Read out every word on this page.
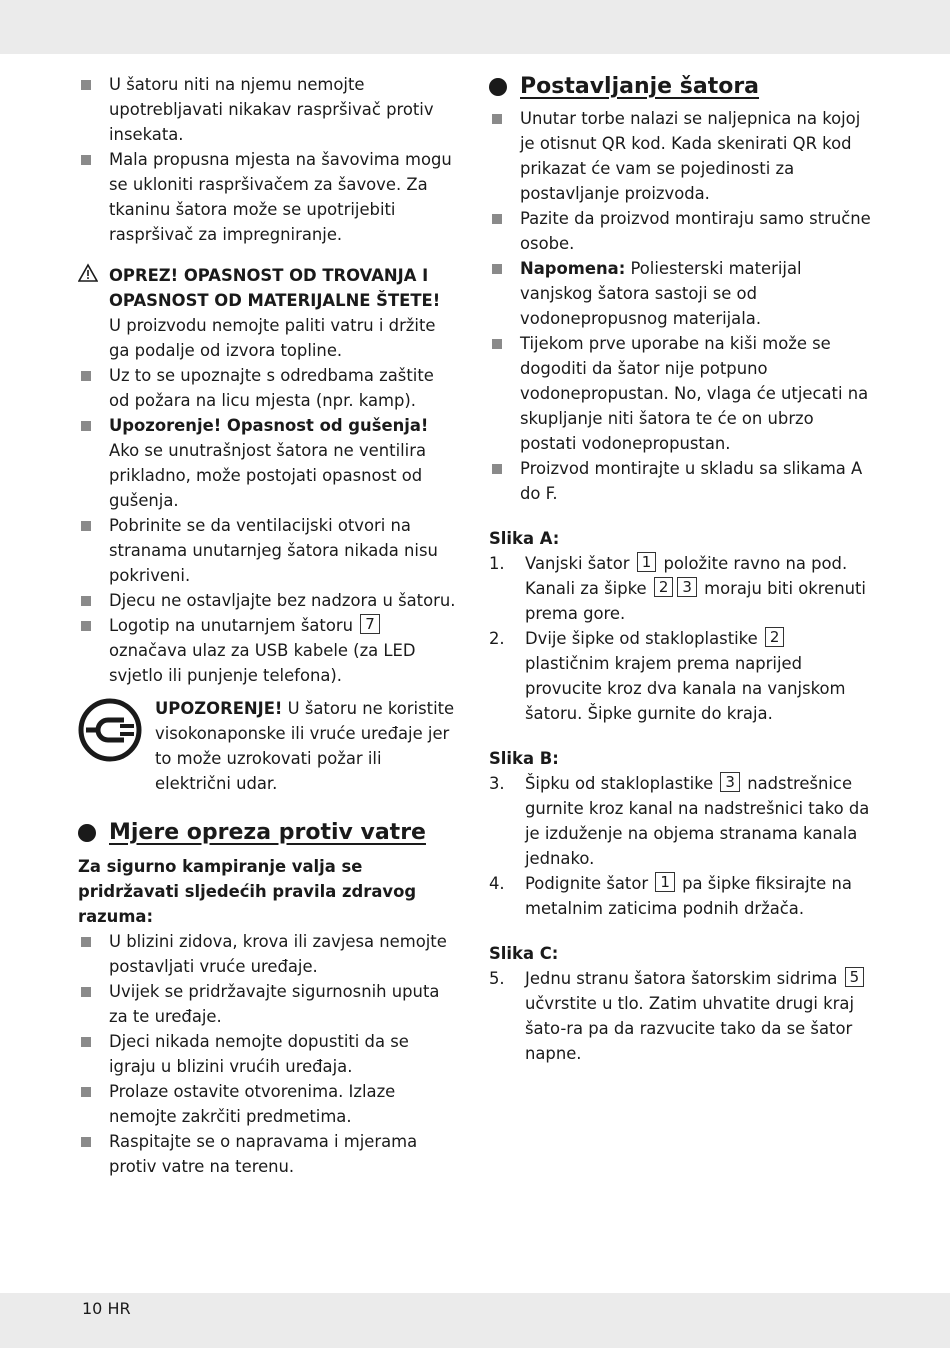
U šatoru niti na njemu nemojte upotrebljavati nikakav raspršivač protiv insekata.
Mala propusna mjesta na šavovima mogu se ukloniti raspršivačem za šavove. Za tkaninu šatora može se upotrijebiti raspršivač za impregniranje.
OPREZ! OPASNOST OD TROVANJA I OPASNOST OD MATERIJALNE ŠTETE!
U proizvodu nemojte paliti vatru i držite ga podalje od izvora topline.
Uz to se upoznajte s odredbama zaštite od požara na licu mjesta (npr. kamp).
Upozorenje! Opasnost od gušenja! Ako se unutrašnjost šatora ne ventilira prikladno, može postojati opasnost od gušenja.
Pobrinite se da ventilacijski otvori na stranama unutarnjeg šatora nikada nisu pokriveni.
Djecu ne ostavljajte bez nadzora u šatoru.
Logotip na unutarnjem šatoru 7 označava ulaz za USB kabele (za LED svjetlo ili punjenje telefona).
UPOZORENJE! U šatoru ne koristite visokonaponske ili vruće uređaje jer to može uzrokovati požar ili električni udar.
Mjere opreza protiv vatre
Za sigurno kampiranje valja se pridržavati sljedećih pravila zdravog razuma:
U blizini zidova, krova ili zavjesa nemojte postavljati vruće uređaje.
Uvijek se pridržavajte sigurnosnih uputa za te uređaje.
Djeci nikada nemojte dopustiti da se igraju u blizini vrućih uređaja.
Prolaze ostavite otvorenima. Izlaze nemojte zakrčiti predmetima.
Raspitajte se o napravama i mjerama protiv vatre na terenu.
Postavljanje šatora
Unutar torbe nalazi se naljepnica na kojoj je otisnut QR kod. Kada skenirati QR kod prikazat će vam se pojedinosti za postavljanje proizvoda.
Pazite da proizvod montiraju samo stručne osobe.
Napomena: Poliesterski materijal vanjskog šatora sastoji se od vodonepropusnog materijala.
Tijekom prve uporabe na kiši može se dogoditi da šator nije potpuno vodonepropustan. No, vlaga će utjecati na skupljanje niti šatora te će on ubrzo postati vodonepropustan.
Proizvod montirajte u skladu sa slikama A do F.
Slika A:
1. Vanjski šator 1 položite ravno na pod. Kanali za šipke 2 3 moraju biti okrenuti prema gore.
2. Dvije šipke od stakloplastike 2 plastičnim krajem prema naprijed provucite kroz dva kanala na vanjskom šatoru. Šipke gurnite do kraja.
Slika B:
3. Šipku od stakloplastike 3 nadstrešnice gurnite kroz kanal na nadstrešnici tako da je izduženje na objema stranama kanala jednako.
4. Podignite šator 1 pa šipke fiksirajte na metalnim zaticima podnih držača.
Slika C:
5. Jednu stranu šatora šatorskim sidrima 5 učvrstite u tlo. Zatim uhvatite drugi kraj šato-ra pa da razvucite tako da se šator napne.
10 HR
